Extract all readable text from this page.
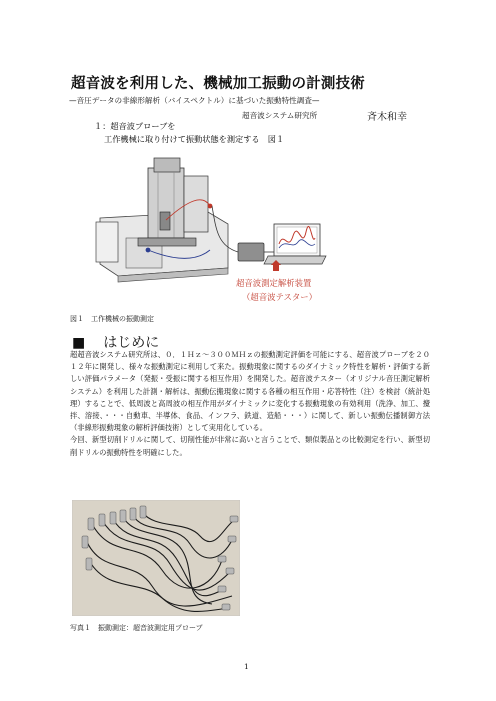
超音波を利用した、機械加工振動の計測技術
—音圧データの非線形解析（バイスペクトル）に基づいた振動特性調査—
超音波システム研究所	斉木和幸
１：超音波プローブを
工作機械に取り付けて振動状態を測定する　図１
超音波測定解析装置
（超音波テスター）
図１　工作機械の振動測定
■ はじめに

超超音波システム研究所は、０．１Ｈｚ～３００ＭＨｚの振動測定評価を可能にする、超音波プローブを２０１２年に開発し、様々な振動測定に利用して来た。振動現象に関するのダイナミック特性を解析・評価する新しい評価パラメータ（発振・受振に関する相互作用）を開発した。超音波テスター（オリジナル音圧測定解析システム）を利用した計測・解析は、振動伝搬現象に関する各種の相互作用・応答特性（注）を検討（統計処理）することで、低周波と高周波の相互作用がダイナミックに変化する振動現象の有効利用（洗浄、加工、攪拌、溶接、・・・自動車、半導体、食品、インフラ、鉄道、造船・・・）に関して、新しい振動伝播制御方法（非線形振動現象の解析評価技術）として実用化している。

今回、新型切削ドリルに関して、切削性能が非常に高いと言うことで、類似製品との比較測定を行い、新型切削ドリルの振動特性を明確にした。

写真１　振動測定：超音波測定用プローブ
1
